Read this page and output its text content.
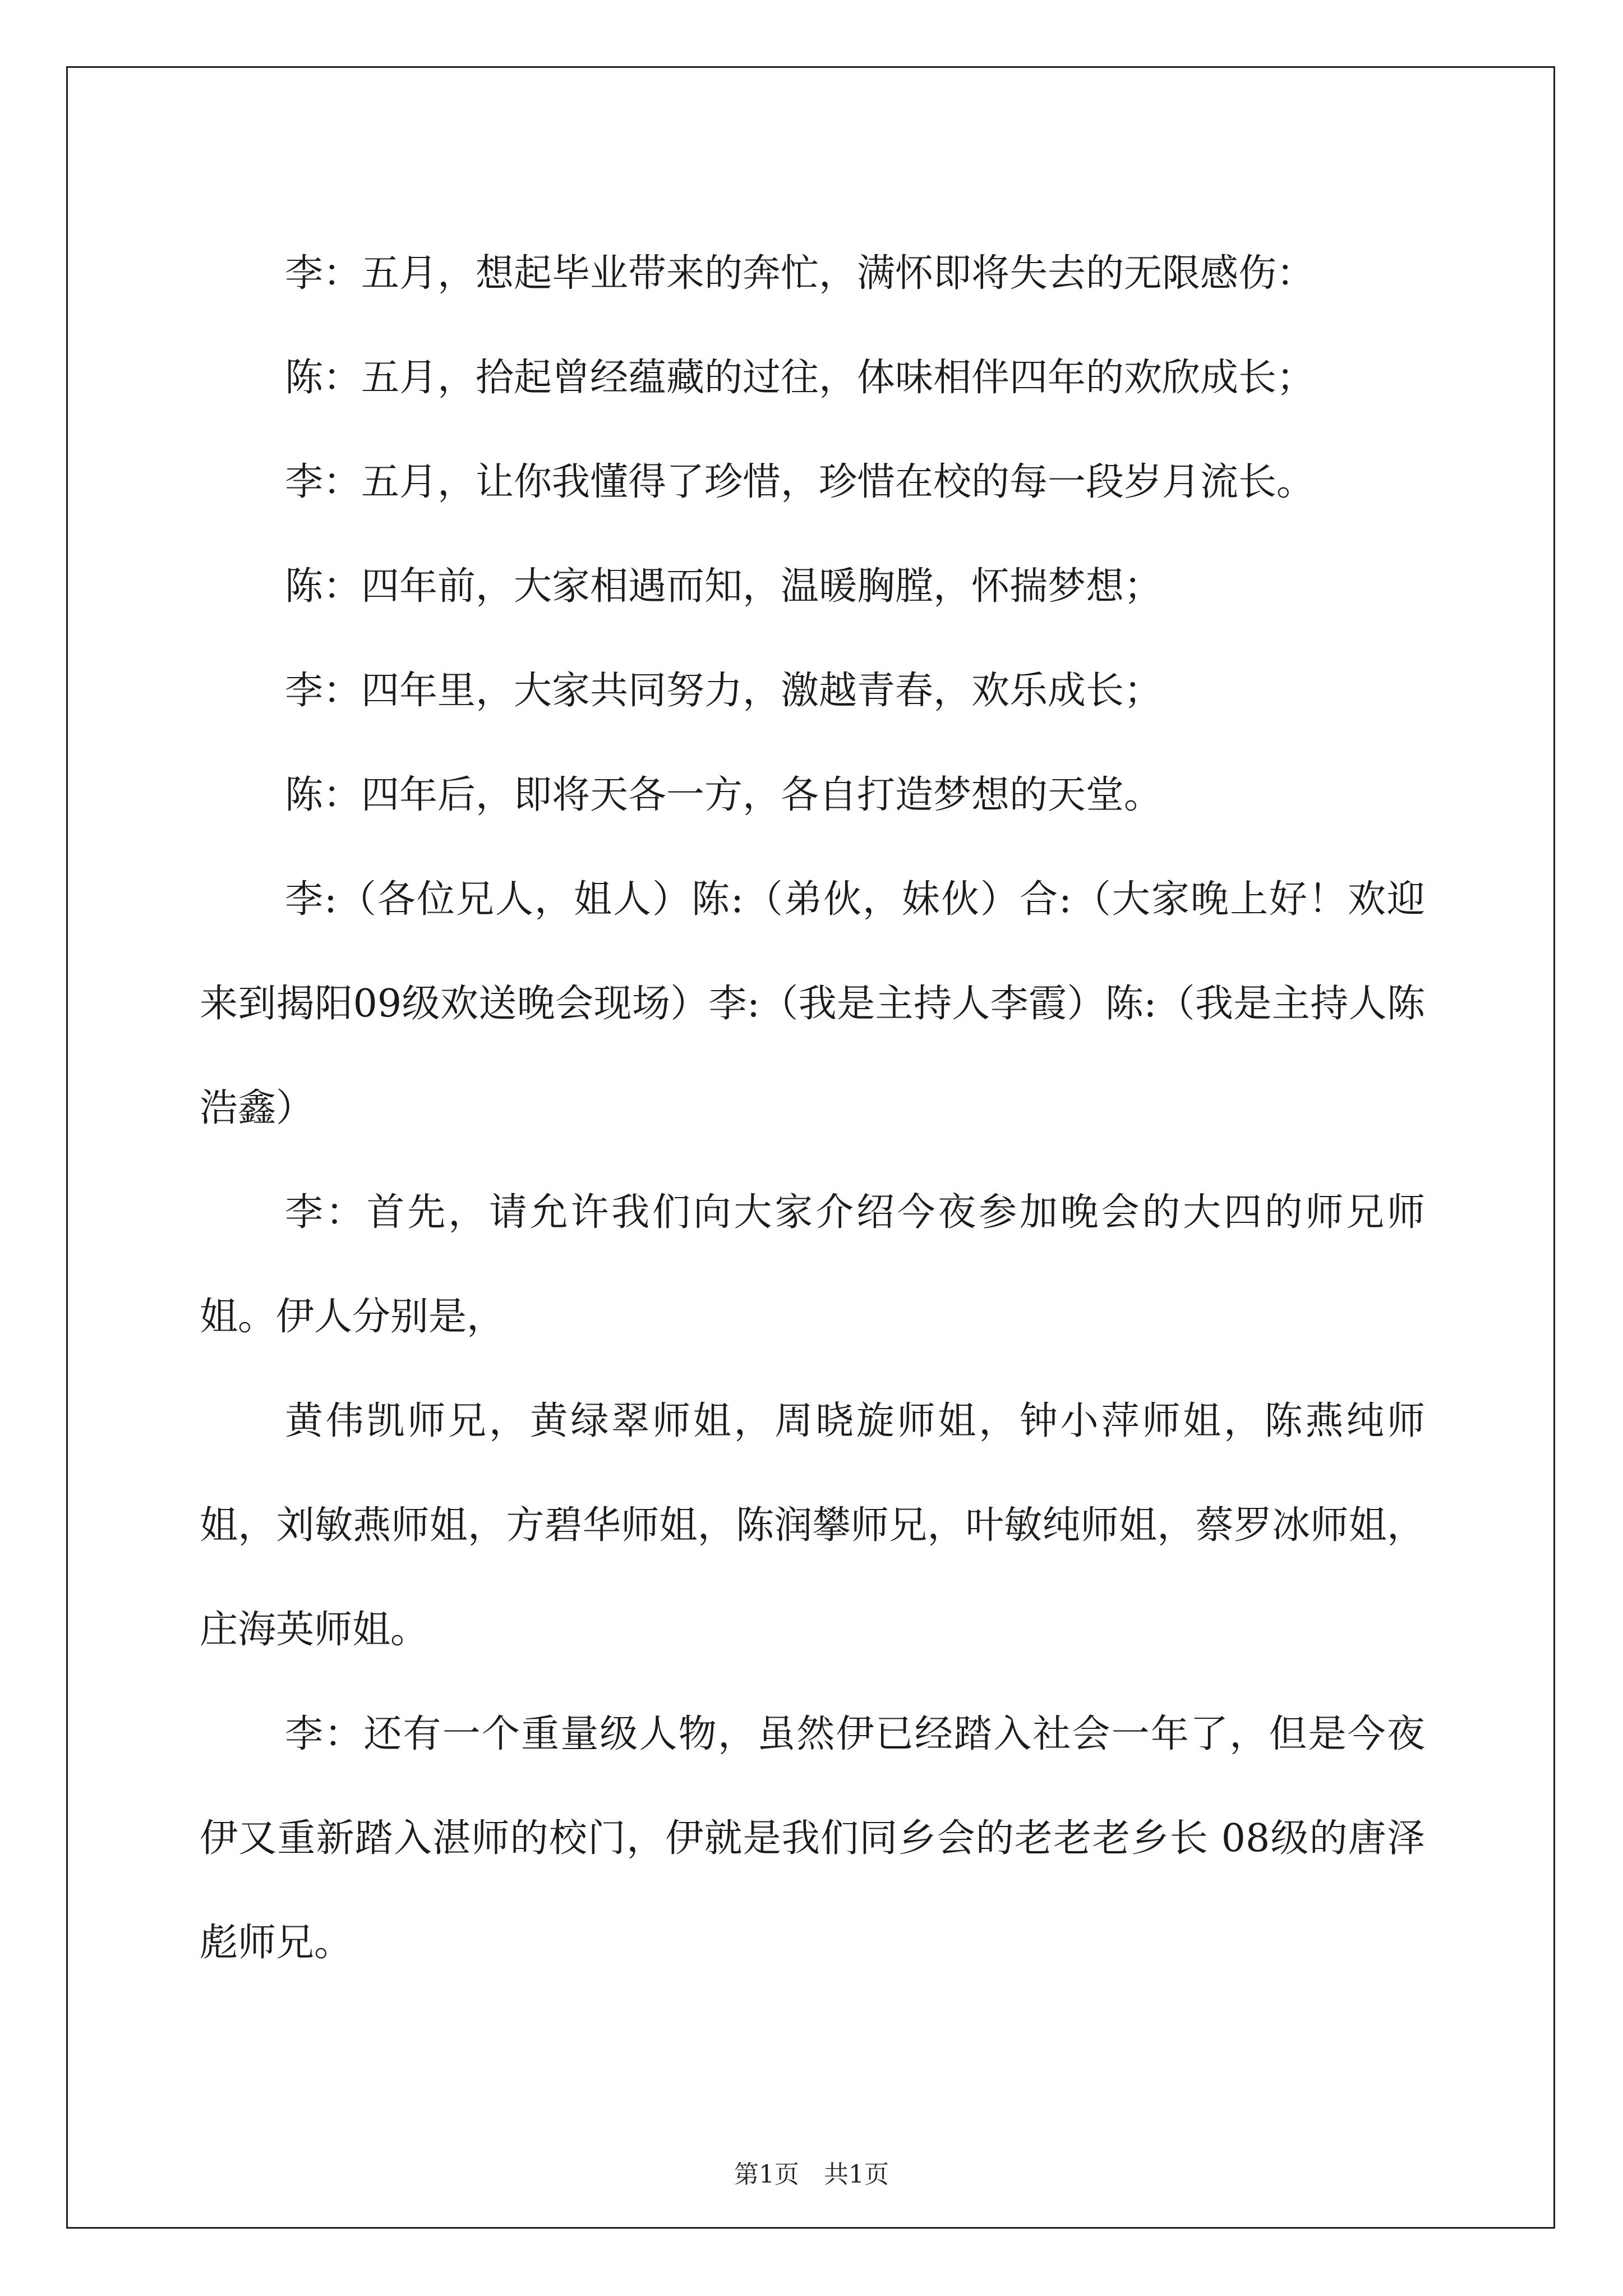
李：五月，想起毕业带来的奔忙，满怀即将失去的无限感伤：

陈：五月，拾起曾经蕴藏的过往，体味相伴四年的欢欣成长；

李：五月，让你我懂得了珍惜，珍惜在校的每一段岁月流长。

陈：四年前，大家相遇而知，温暖胸膛，怀揣梦想；

李：四年里，大家共同努力，激越青春，欢乐成长；

陈：四年后，即将天各一方，各自打造梦想的天堂。

李:（各位兄人，姐人）陈:（弟伙，妹伙）合:（大家晚上好！欢迎来到揭阳09级欢送晚会现场）李:（我是主持人李霞）陈:（我是主持人陈浩鑫）

李：首先，请允许我们向大家介绍今夜参加晚会的大四的师兄师姐。伊人分别是，

黄伟凯师兄，黄绿翠师姐，周晓旋师姐，钟小萍师姐，陈燕纯师姐，刘敏燕师姐，方碧华师姐，陈润攀师兄，叶敏纯师姐，蔡罗冰师姐，庄海英师姐。

李：还有一个重量级人物，虽然伊已经踏入社会一年了，但是今夜伊又重新踏入湛师的校门，伊就是我们同乡会的老老老乡长 08级的唐泽彪师兄。

第1页　共1页
